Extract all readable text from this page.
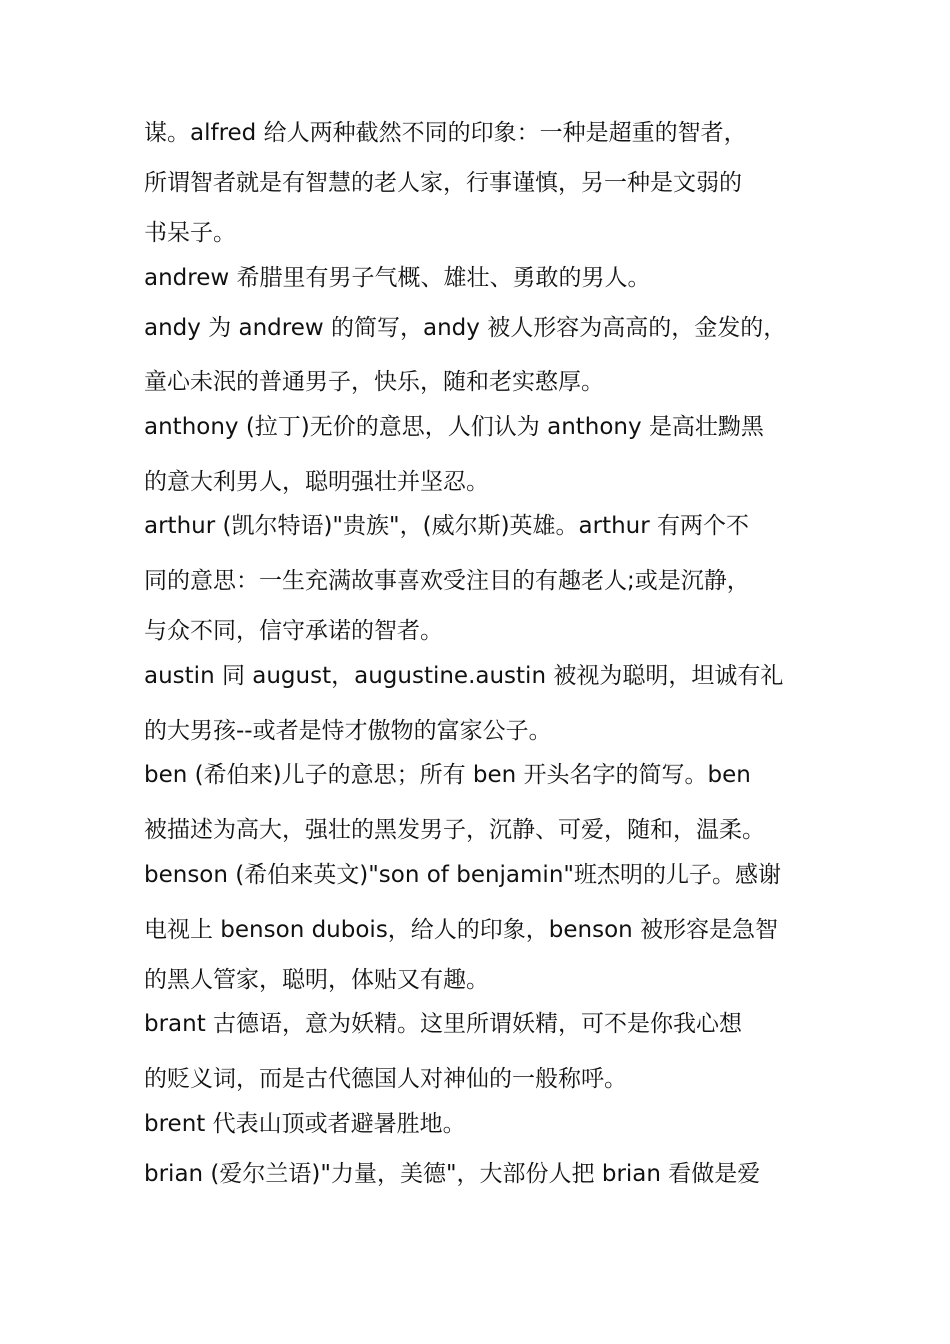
谋。alfred 给人两种截然不同的印象：一种是超重的智者，
所谓智者就是有智慧的老人家，行事谨慎，另一种是文弱的
书呆子。
andrew 希腊里有男子气概、雄壮、勇敢的男人。
andy 为 andrew 的简写，andy 被人形容为高高的，金发的，
童心未泯的普通男子，快乐，随和老实憨厚。
anthony (拉丁)无价的意思，人们认为 anthony 是高壮黝黑
的意大利男人，聪明强壮并坚忍。
arthur (凯尔特语)"贵族"，(威尔斯)英雄。arthur 有两个不
同的意思：一生充满故事喜欢受注目的有趣老人;或是沉静，
与众不同，信守承诺的智者。
austin 同 august，augustine.austin 被视为聪明，坦诚有礼
的大男孩--或者是恃才傲物的富家公子。
ben (希伯来)儿子的意思；所有 ben 开头名字的简写。ben
被描述为高大，强壮的黑发男子，沉静、可爱，随和，温柔。
benson (希伯来英文)"son of benjamin"班杰明的儿子。感谢
电视上 benson dubois，给人的印象，benson 被形容是急智
的黑人管家，聪明，体贴又有趣。
brant 古德语，意为妖精。这里所谓妖精，可不是你我心想
的贬义词，而是古代德国人对神仙的一般称呼。
brent 代表山顶或者避暑胜地。
brian (爱尔兰语)"力量，美德"，大部份人把 brian 看做是爱
